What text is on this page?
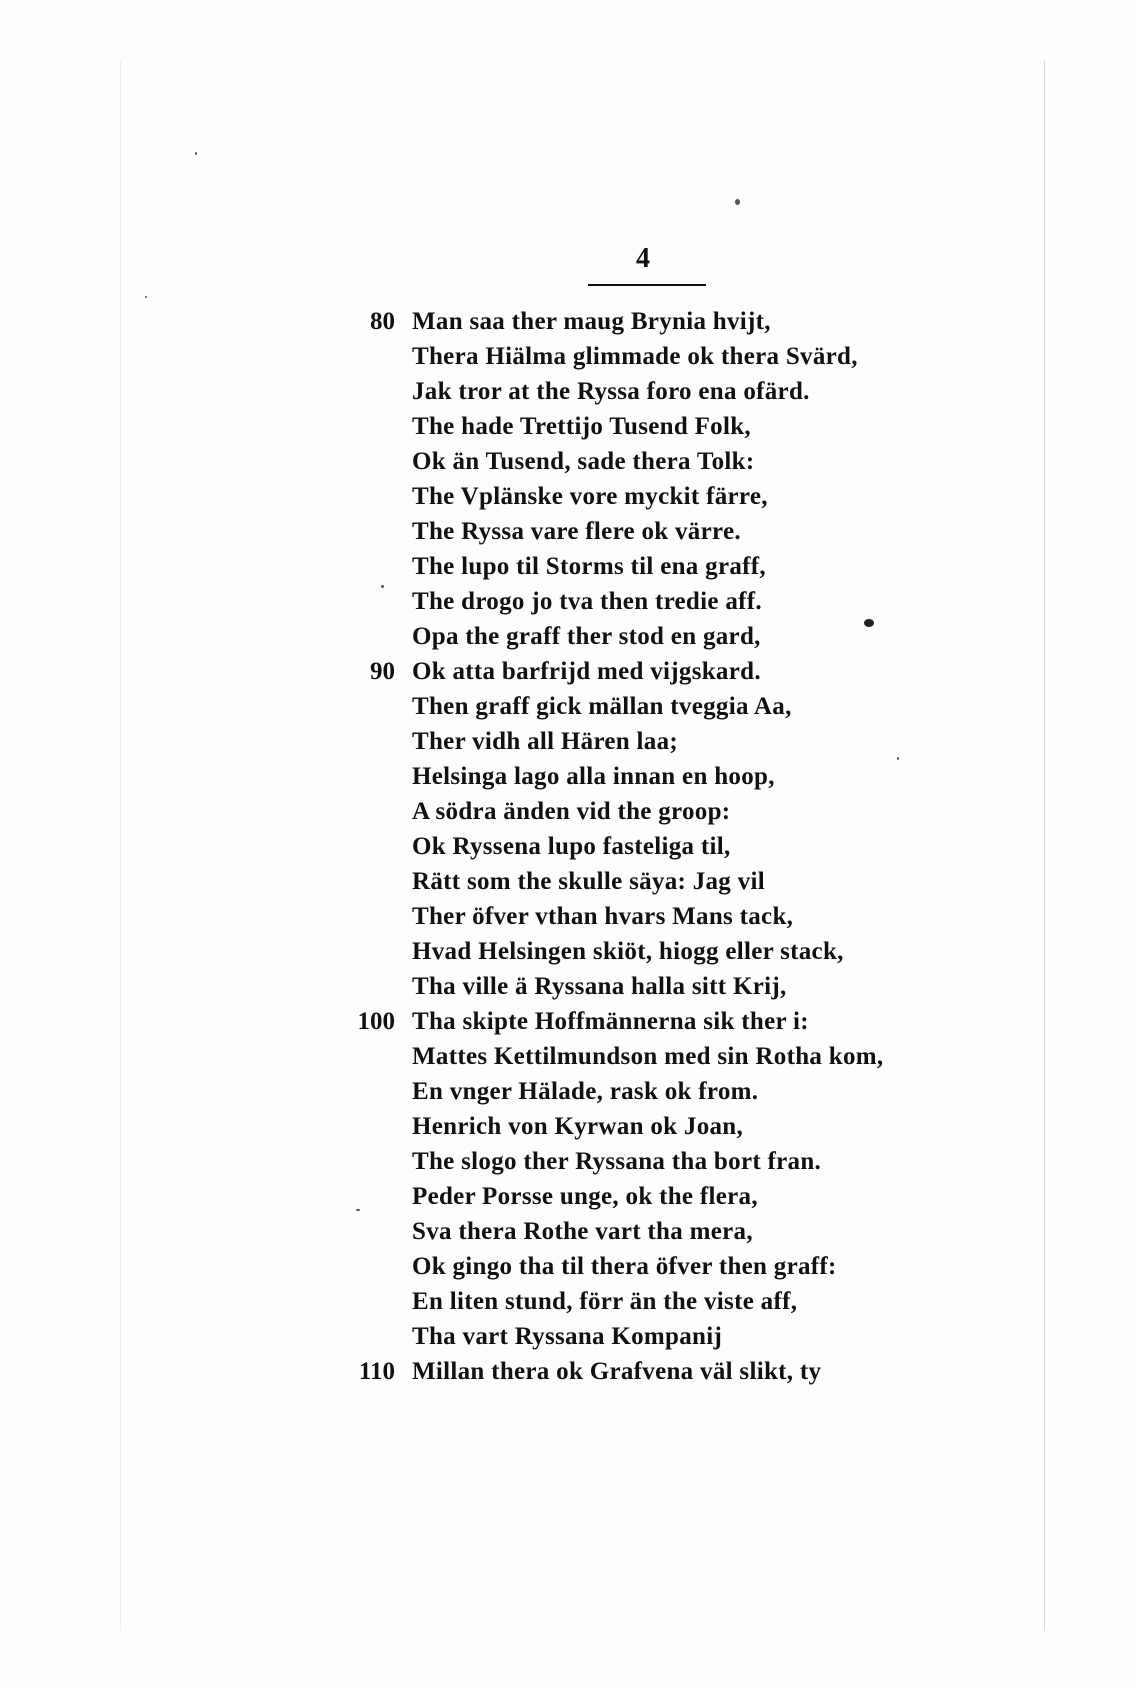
4
80 Man saa ther maug Brynia hvijt,
Thera Hiälma glimmade ok thera Svärd,
Jak tror at the Ryssa foro ena ofärd.
The hade Trettijo Tusend Folk,
Ok än Tusend, sade thera Tolk:
The Vplänske vore myckit färre,
The Ryssa vare flere ok värre.
The lupo til Storms til ena graff,
The drogo jo tva then tredie aff.
Opa the graff ther stod en gard,
90 Ok atta barfrijd med vijgskard.
Then graff gick mällan tveggia Aa,
Ther vidh all Hären laa;
Helsinga lago alla innan en hoop,
A södra änden vid the groop:
Ok Ryssena lupo fasteliga til,
Rätt som the skulle säya: Jag vil
Ther öfver vthan hvars Mans tack,
Hvad Helsingen skiöt, hiogg eller stack,
Tha ville ä Ryssana halla sitt Krij,
100 Tha skipte Hoffmännerna sik ther i:
Mattes Kettilmundson med sin Rotha kom,
En vnger Hälade, rask ok from.
Henrich von Kyrwan ok Joan,
The slogo ther Ryssana tha bort fran.
Peder Porsse unge, ok the flera,
Sva thera Rothe vart tha mera,
Ok gingo tha til thera öfver then graff:
En liten stund, förr än the viste aff,
Tha vart Ryssana Kompanij
110 Millan thera ok Grafvena väl slikt, ty
